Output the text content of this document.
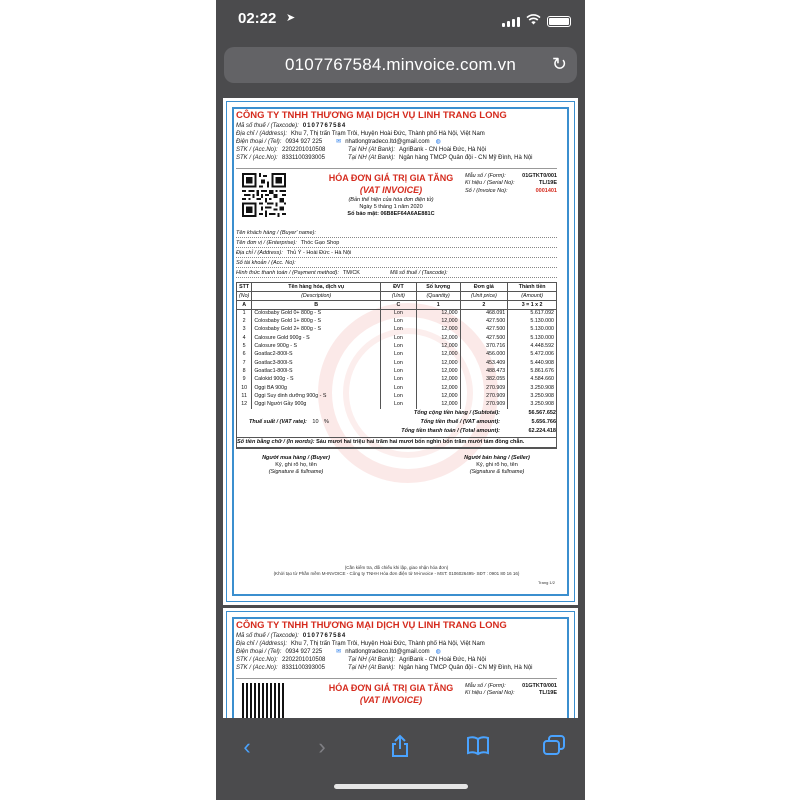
02:22 ➤
0107767584.minvoice.com.vn	↻
CÔNG TY TNHH THƯƠNG MẠI DỊCH VỤ LINH TRANG LONG
Mã số thuế / (Taxcode): 0107767584
Địa chỉ / (Address): Khu 7, Thị trấn Trạm Trôi, Huyện Hoài Đức, Thành phố Hà Nội, Việt Nam
Điện thoại / (Tel): 0934 927 225 ✉ nhatlongtradeco.ltd@gmail.com ◍
STK / (Acc.No): 2202201010508	Tại NH (At Bank): AgriBank - CN Hoài Đức, Hà Nội
STK / (Acc.No): 8331100393005	Tại NH (At Bank): Ngân hàng TMCP Quân đội - CN Mỹ Đình, Hà Nội
HÓA ĐƠN GIÁ TRỊ GIA TĂNG
(VAT INVOICE)
(Bản thể hiện của hóa đơn điện tử)
Ngày 5 tháng 1 năm 2020
Số bảo mật: 06B8EF64A6AE881C
Mẫu số / (Form):	01GTKT0/001
Kí hiệu / (Serial No):	TL/19E
Số / (Invoice No):	0001401
Tên khách hàng / (Buyer' name):
Tên đơn vị / (Enterprise): Thóc Gạo Shop
Địa chỉ / (Address): Thủ Ý - Hoài Đức - Hà Nội
Số tài khoản / (Acc. No):
Hình thức thanh toán / (Payment method): TM/CK	Mã số thuế / (Taxcode):
STT	Tên hàng hóa, dịch vụ	ĐVT	Số lượng	Đơn giá	Thành tiền
(No)	(Description)	(Unit)	(Quantity)	(Unit price)	(Amount)
A	B	C	1	2	3 = 1 x 2
1	Colosbaby Gold 0+ 800g - S	Lon	12,000	468.091	5.617.092
2	Colosbaby Gold 1+ 800g - S	Lon	12,000	427.500	5.130.000
3	Colosbaby Gold 2+ 800g - S	Lon	12,000	427.500	5.130.000
4	Calosure Gold 900g - S	Lon	12,000	427.500	5.130.000
5	Calosure 900g - S	Lon	12,000	370.716	4.448.592
6	Goatlac2-800l-S	Lon	12,000	456.000	5.472.006
7	Goatlac3-800l-S	Lon	12,000	453.409	5.440.908
8	Goatlac1-800l-S	Lon	12,000	488.473	5.861.676
9	Calokid 900g - S	Lon	12,000	382.055	4.584.660
10	Oggi BA 900g	Lon	12,000	270.909	3.250.908
11	Oggi Suy dinh dưỡng 900g - S	Lon	12,000	270.909	3.250.908
12	Oggi Người Gầy 900g	Lon	12,000	270.909	3.250.908
Tổng cộng tiền hàng / (Subtotal):	56.567.652
Thuế suất / (VAT rate): 10 %	Tổng tiền thuế / (VAT amount):	5.656.766
Tổng tiền thanh toán / (Total amount):	62.224.418
Số tiền bằng chữ / (In words): Sáu mươi hai triệu hai trăm hai mươi bốn nghìn bốn trăm mười tám đồng chẵn.
Người mua hàng / (Buyer)
Ký, ghi rõ họ, tên
(Signature & fullname)
Người bán hàng / (Seller)
Ký, ghi rõ họ, tên
(Signature & fullname)
(Cần kiểm tra, đối chiếu khi lập, giao nhận hóa đơn)
(Khởi tạo từ Phần mềm M-INVOICE - Công ty TNHH Hóa đơn điện tử M-invoice - MST: 0106026495- SĐT : 0901 80 16 16)
Trang 1/2
CÔNG TY TNHH THƯƠNG MẠI DỊCH VỤ LINH TRANG LONG
Mã số thuế / (Taxcode): 0107767584
Địa chỉ / (Address): Khu 7, Thị trấn Trạm Trôi, Huyện Hoài Đức, Thành phố Hà Nội, Việt Nam
Điện thoại / (Tel): 0934 927 225 ✉ nhatlongtradeco.ltd@gmail.com ◍
STK / (Acc.No): 2202201010508	Tại NH (At Bank): AgriBank - CN Hoài Đức, Hà Nội
STK / (Acc.No): 8331100393005	Tại NH (At Bank): Ngân hàng TMCP Quân đội - CN Mỹ Đình, Hà Nội
HÓA ĐƠN GIÁ TRỊ GIA TĂNG
(VAT INVOICE)
Mẫu số / (Form):	01GTKT0/001
Kí hiệu / (Serial No):	TL/19E
‹	›
